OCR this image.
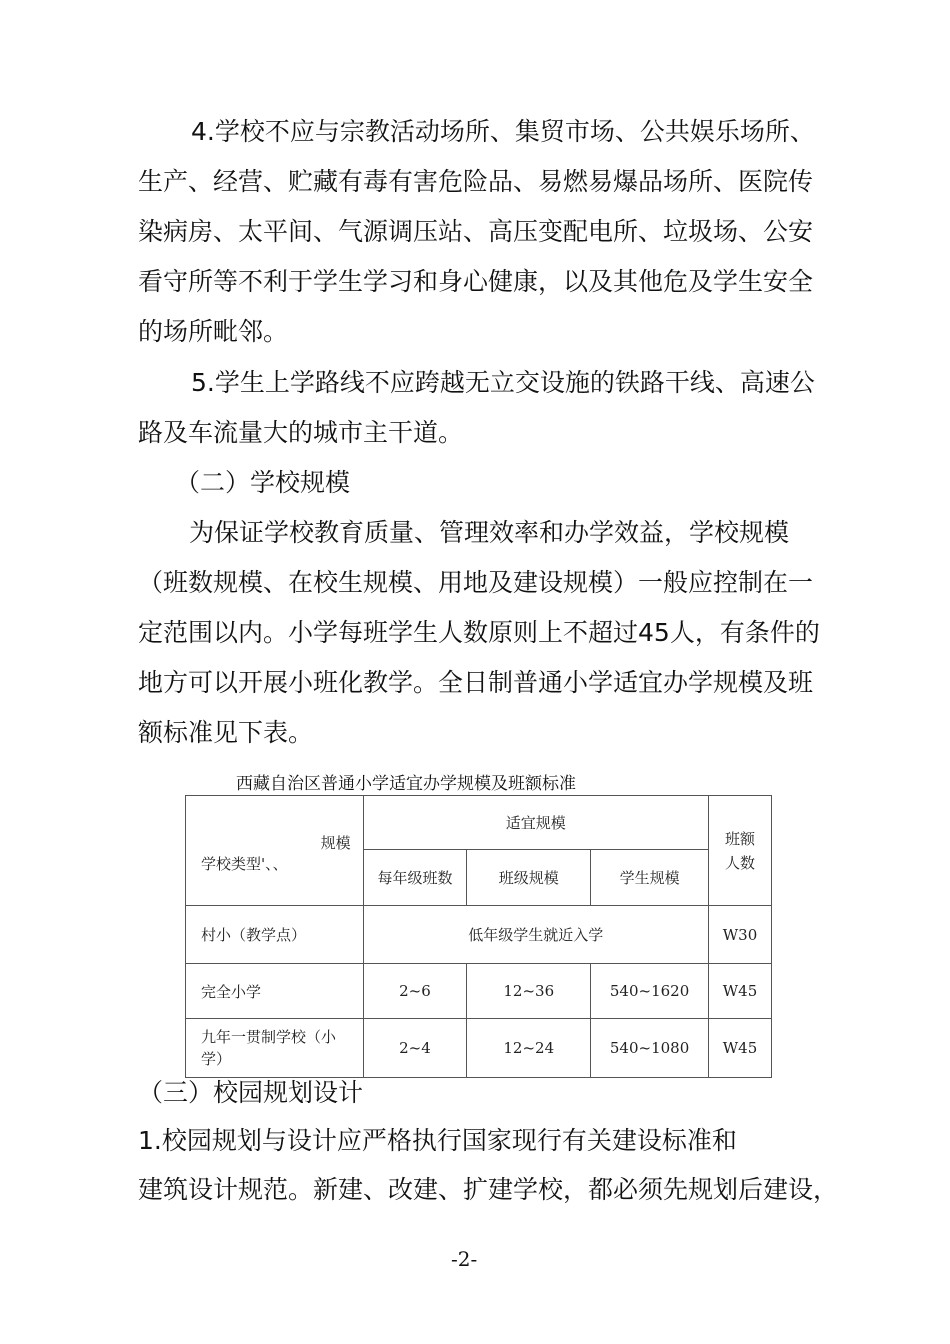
4.学校不应与宗教活动场所、集贸市场、公共娱乐场所、
生产、经营、贮藏有毒有害危险品、易燃易爆品场所、医院传
染病房、太平间、气源调压站、高压变配电所、垃圾场、公安
看守所等不利于学生学习和身心健康，以及其他危及学生安全
的场所毗邻。
5.学生上学路线不应跨越无立交设施的铁路干线、高速公
路及车流量大的城市主干道。
（二）学校规模
为保证学校教育质量、管理效率和办学效益，学校规模
（班数规模、在校生规模、用地及建设规模）一般应控制在一
定范围以内。小学每班学生人数原则上不超过45人，有条件的
地方可以开展小班化教学。全日制普通小学适宜办学规模及班
额标准见下表。
西藏自治区普通小学适宜办学规模及班额标准
规模
学校类型'、、	适宜规模			班额人数
	每年级班数	班级规模	学生规模	
村小（教学点）	低年级学生就近入学			W30
完全小学	2~6	12~36	540~1620	W45
九年一贯制学校（小学）	2~4	12~24	540~1080	W45
（三）校园规划设计
1.校园规划与设计应严格执行国家现行有关建设标准和
建筑设计规范。新建、改建、扩建学校，都必须先规划后建设，
-2-
